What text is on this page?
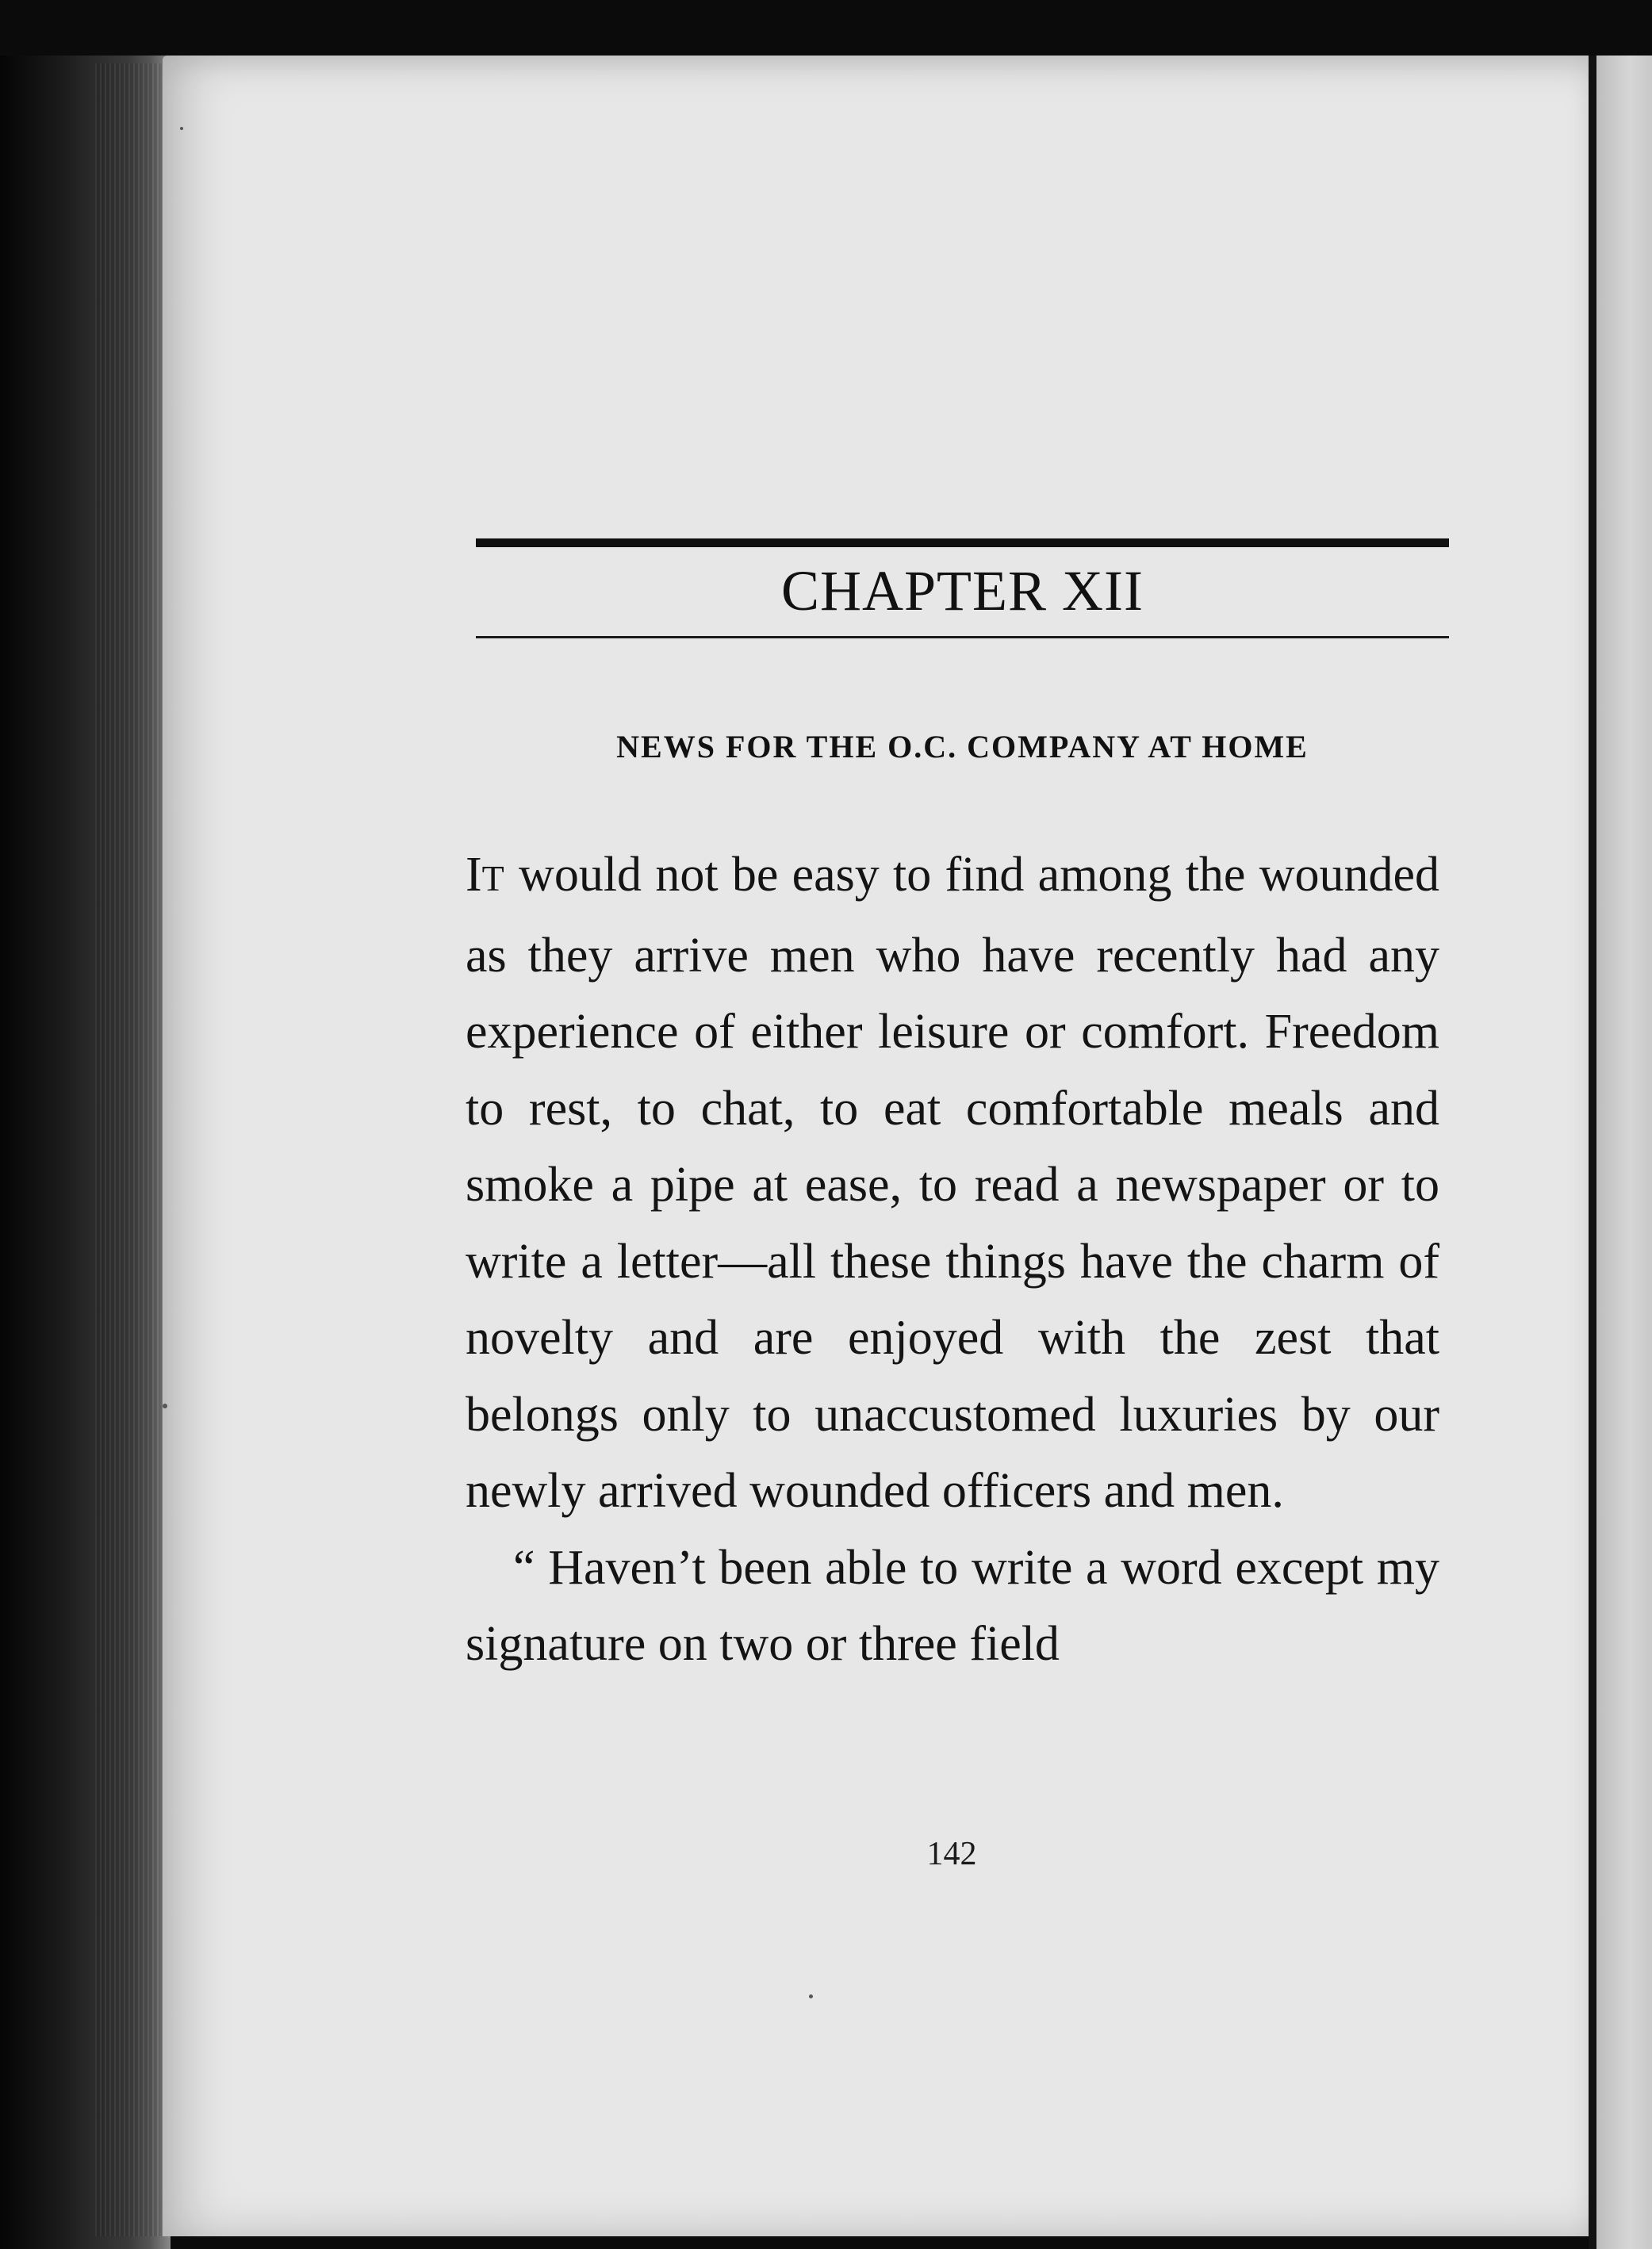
CHAPTER XII
NEWS FOR THE O.C. COMPANY AT HOME

IT would not be easy to find among the wounded as they arrive men who have recently had any experience of either leisure or comfort. Freedom to rest, to chat, to eat comfortable meals and smoke a pipe at ease, to read a newspaper or to write a letter—all these things have the charm of novelty and are enjoyed with the zest that belongs only to unaccustomed luxuries by our newly arrived wounded officers and men.

“ Haven’t been able to write a word except my signature on two or three field

142
